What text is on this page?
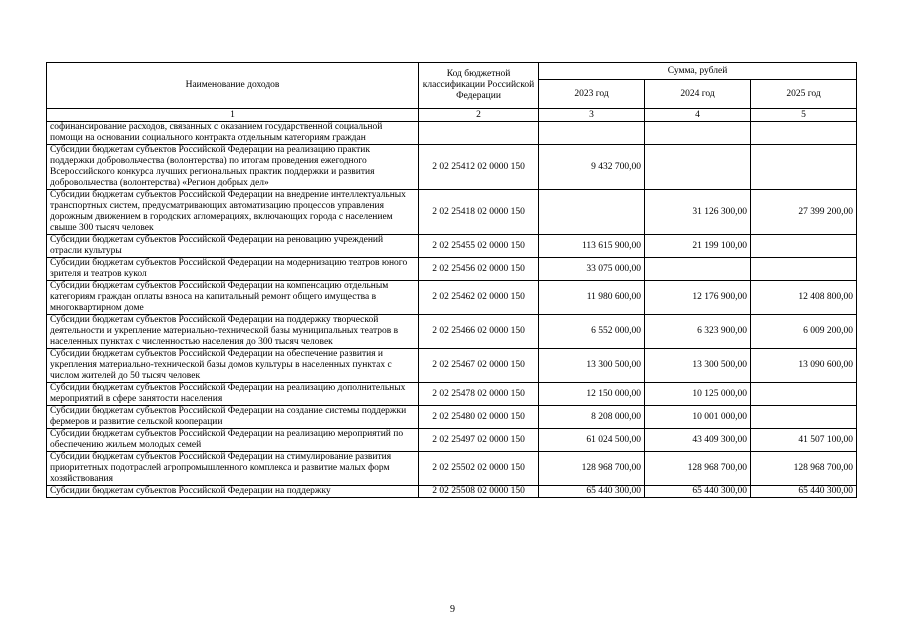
Наименование доходов	Код бюджетной классификации Российской Федерации	Сумма, рублей		
		2023 год	2024 год	2025 год
1	2	3	4	5
софинансирование расходов, связанных с оказанием государственной социальной помощи на основании социального контракта отдельным категориям граждан				
Субсидии бюджетам субъектов Российской Федерации на реализацию практик поддержки добровольчества (волонтерства) по итогам проведения ежегодного Всероссийского конкурса лучших региональных практик поддержки и развития добровольчества (волонтерства) «Регион добрых дел»	2 02 25412 02 0000 150	9 432 700,00		
Субсидии бюджетам субъектов Российской Федерации на внедрение интеллектуальных транспортных систем, предусматривающих автоматизацию процессов управления дорожным движением в городских агломерациях, включающих города с населением свыше 300 тысяч человек	2 02 25418 02 0000 150		31 126 300,00	27 399 200,00
Субсидии бюджетам субъектов Российской Федерации на реновацию учреждений отрасли культуры	2 02 25455 02 0000 150	113 615 900,00	21 199 100,00	
Субсидии бюджетам субъектов Российской Федерации на модернизацию театров юного зрителя и театров кукол	2 02 25456 02 0000 150	33 075 000,00		
Субсидии бюджетам субъектов Российской Федерации на компенсацию отдельным категориям граждан оплаты взноса на капитальный ремонт общего имущества в многоквартирном доме	2 02 25462 02 0000 150	11 980 600,00	12 176 900,00	12 408 800,00
Субсидии бюджетам субъектов Российской Федерации на поддержку творческой деятельности и укрепление материально-технической базы муниципальных театров в населенных пунктах с численностью населения до 300 тысяч человек	2 02 25466 02 0000 150	6 552 000,00	6 323 900,00	6 009 200,00
Субсидии бюджетам субъектов Российской Федерации на обеспечение развития и укрепления материально-технической базы домов культуры в населенных пунктах с числом жителей до 50 тысяч человек	2 02 25467 02 0000 150	13 300 500,00	13 300 500,00	13 090 600,00
Субсидии бюджетам субъектов Российской Федерации на реализацию дополнительных мероприятий в сфере занятости населения	2 02 25478 02 0000 150	12 150 000,00	10 125 000,00	
Субсидии бюджетам субъектов Российской Федерации на создание системы поддержки фермеров и развитие сельской кооперации	2 02 25480 02 0000 150	8 208 000,00	10 001 000,00	
Субсидии бюджетам субъектов Российской Федерации на реализацию мероприятий по обеспечению жильем молодых семей	2 02 25497 02 0000 150	61 024 500,00	43 409 300,00	41 507 100,00
Субсидии бюджетам субъектов Российской Федерации на стимулирование развития приоритетных подотраслей агропромышленного комплекса и развитие малых форм хозяйствования	2 02 25502 02 0000 150	128 968 700,00	128 968 700,00	128 968 700,00
Субсидии бюджетам субъектов Российской Федерации на поддержку	2 02 25508 02 0000 150	65 440 300,00	65 440 300,00	65 440 300,00
9
